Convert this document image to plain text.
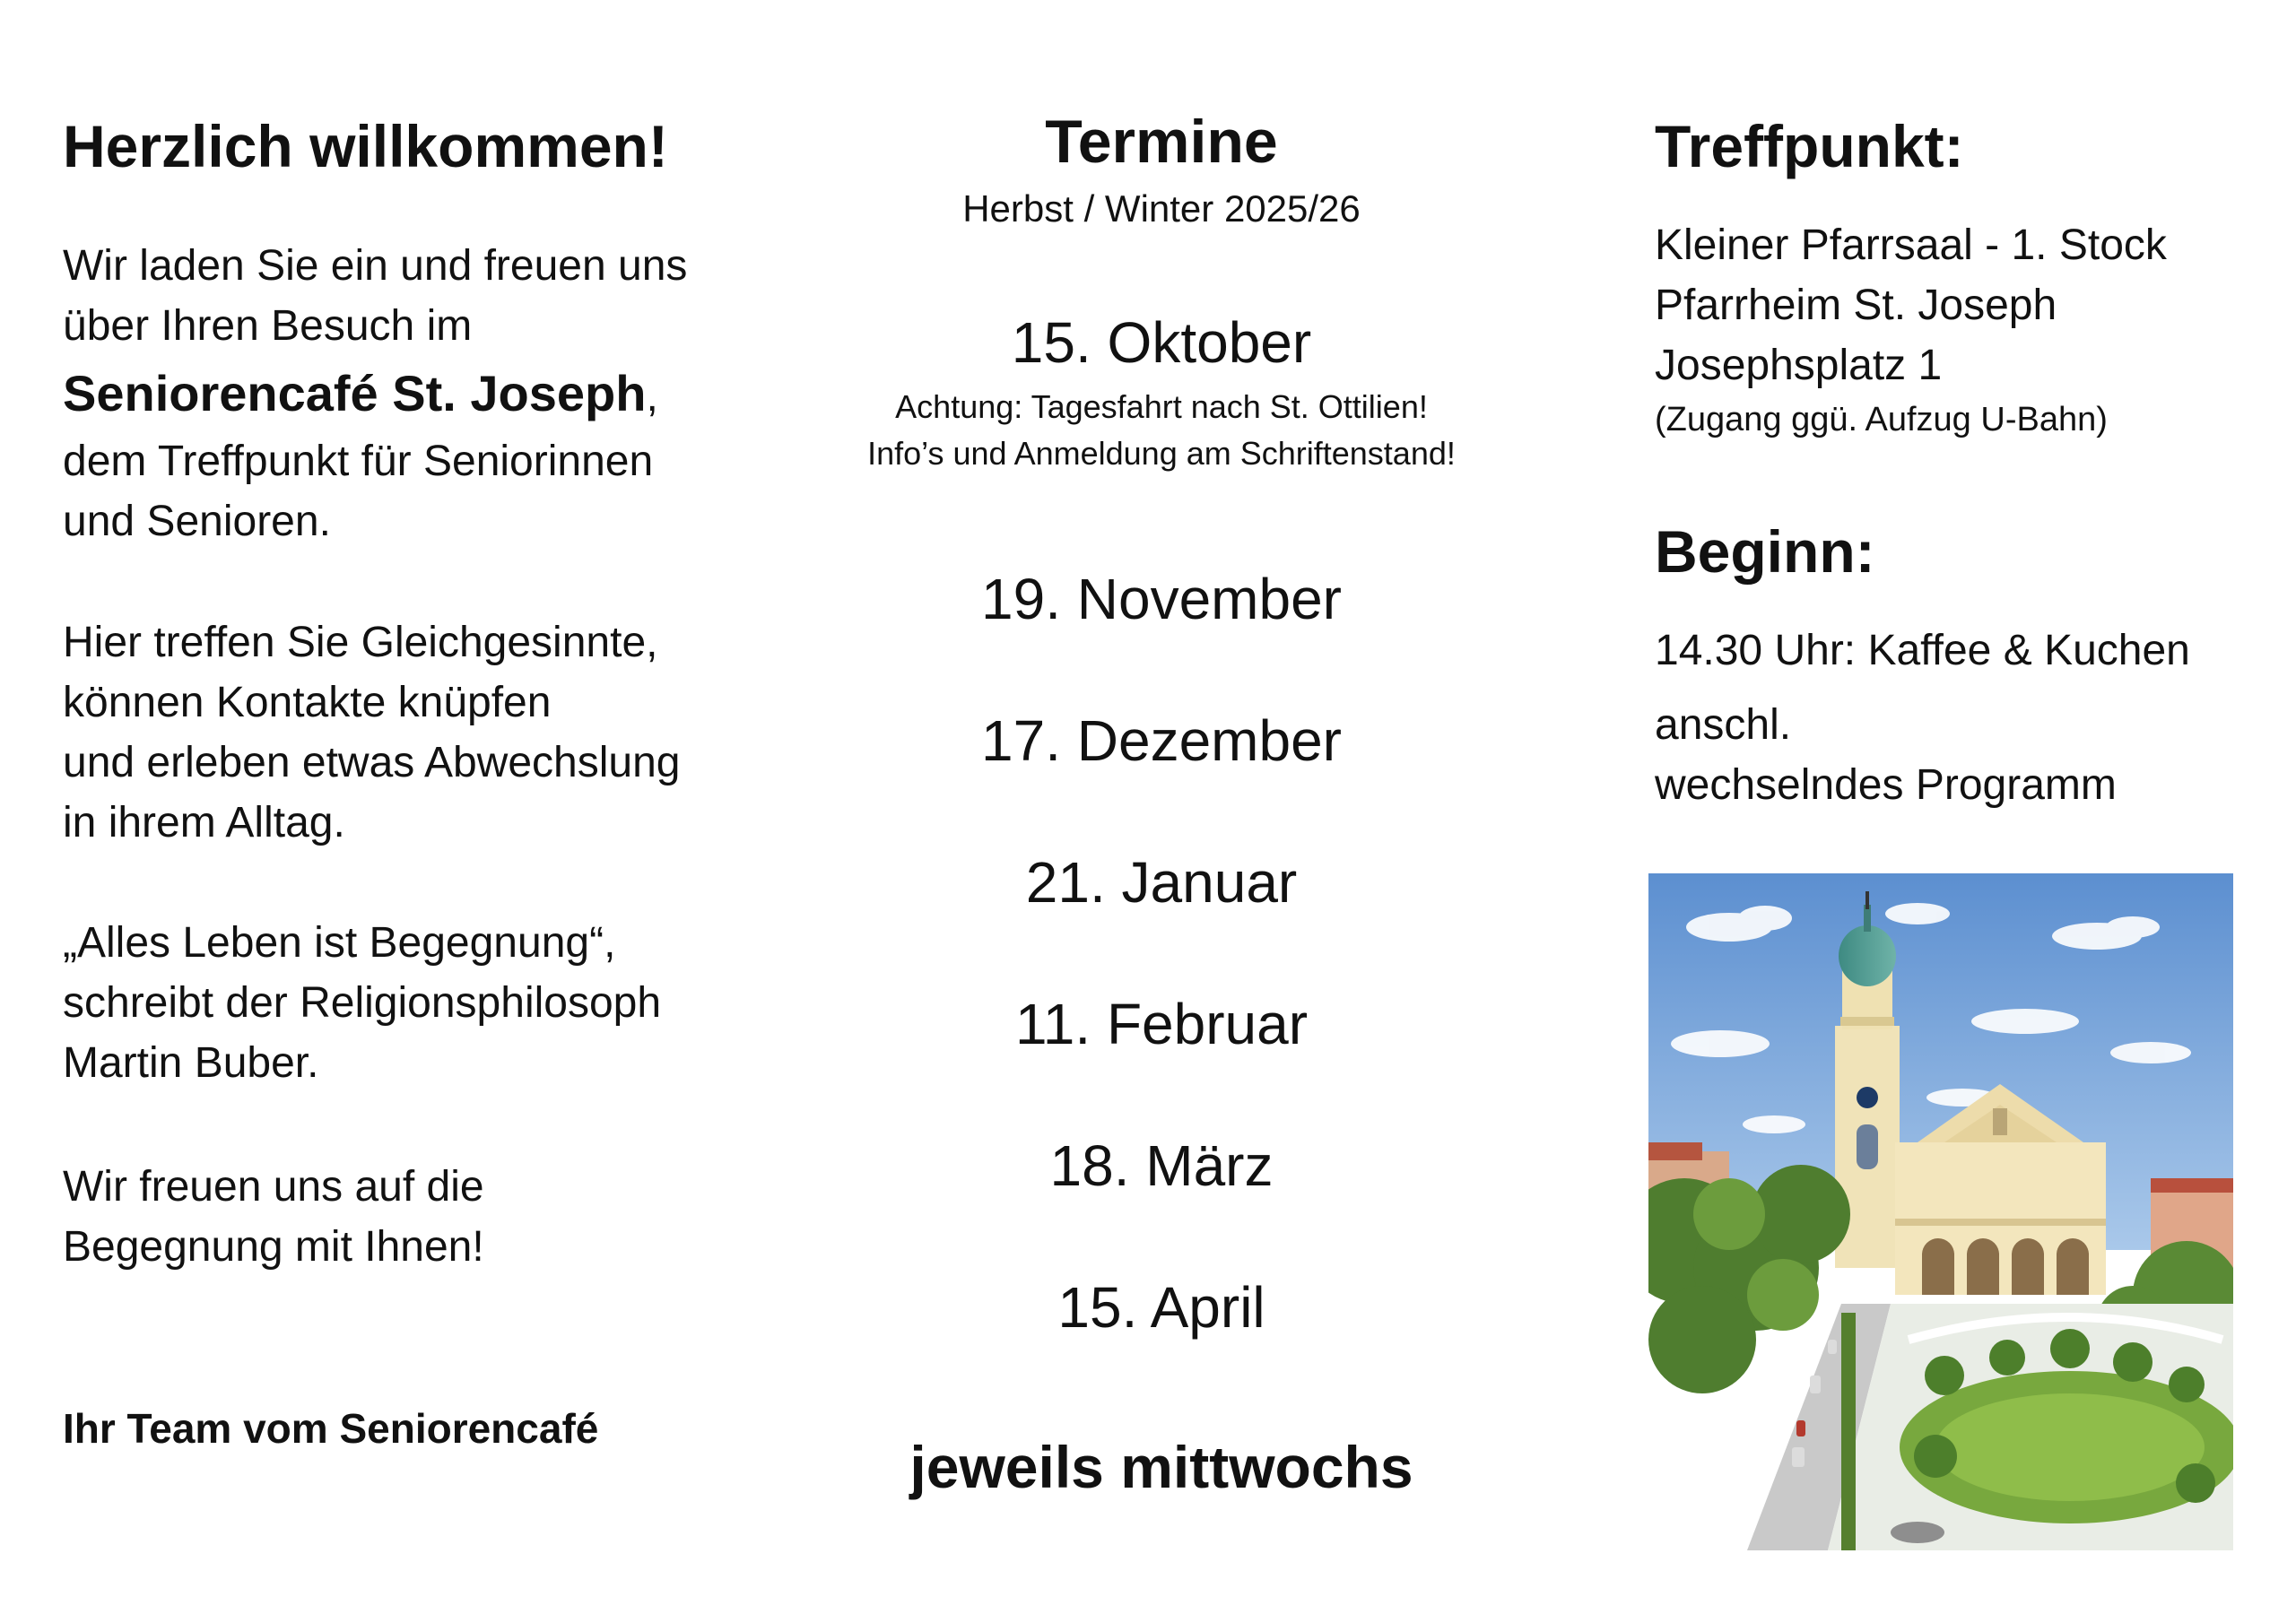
Herzlich willkommen!
Wir laden Sie ein und freuen uns
über Ihren Besuch im
Seniorencafé St. Joseph,
dem Treffpunkt für Seniorinnen
und Senioren.
Hier treffen Sie Gleichgesinnte,
können Kontakte knüpfen
und erleben etwas Abwechslung
in ihrem Alltag.
„Alles Leben ist Begegnung“,
schreibt der Religionsphilosoph
Martin Buber.
Wir freuen uns auf die
Begegnung mit Ihnen!
Ihr Team vom Seniorencafé
Termine
Herbst / Winter 2025/26
15. Oktober
Achtung: Tagesfahrt nach St. Ottilien!
Info’s und Anmeldung am Schriftenstand!
19. November
17. Dezember
21. Januar
11. Februar
18. März
15. April
jeweils mittwochs
Treffpunkt:
Kleiner Pfarrsaal - 1. Stock
Pfarrheim St. Joseph
Josephsplatz 1
(Zugang ggü. Aufzug U-Bahn)
Beginn:
14.30 Uhr: Kaffee & Kuchen
anschl.
wechselndes Programm
